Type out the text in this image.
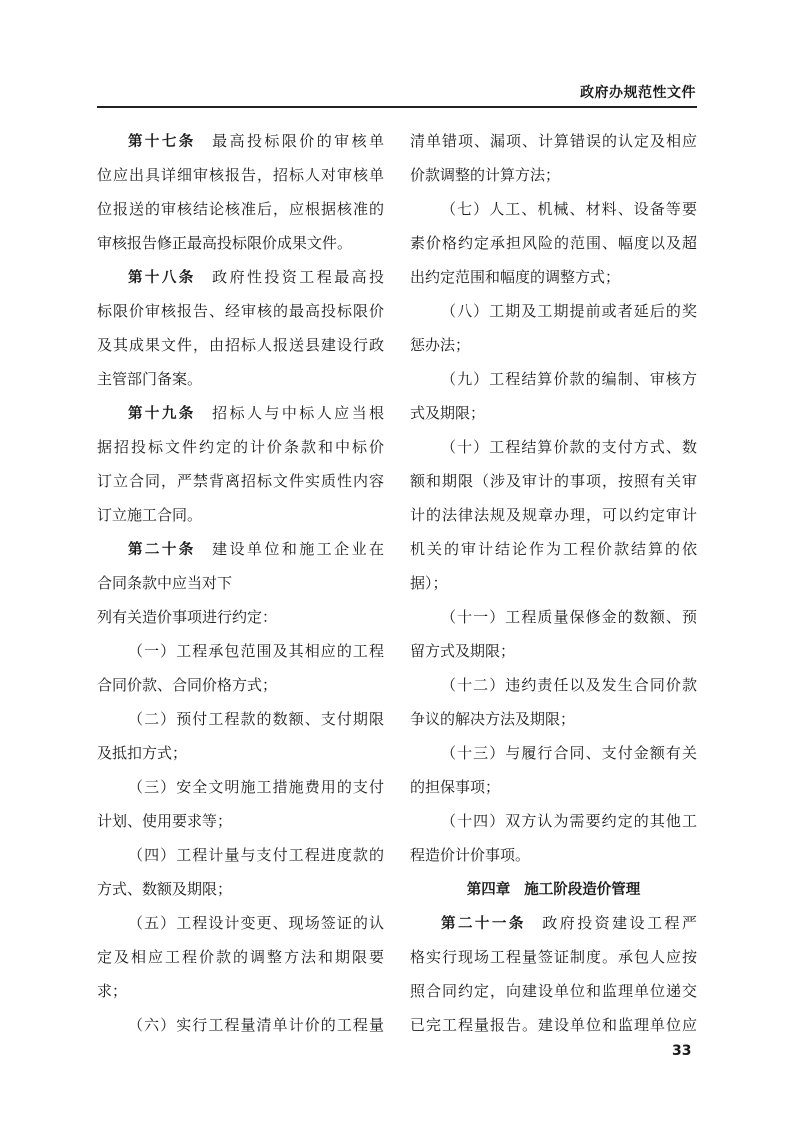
政府办规范性文件
第十七条 最高投标限价的审核单
位应出具详细审核报告，招标人对审核单
位报送的审核结论核准后，应根据核准的
审核报告修正最高投标限价成果文件。
第十八条 政府性投资工程最高投
标限价审核报告、经审核的最高投标限价
及其成果文件，由招标人报送县建设行政
主管部门备案。
第十九条 招标人与中标人应当根
据招投标文件约定的计价条款和中标价
订立合同，严禁背离招标文件实质性内容
订立施工合同。
第二十条 建设单位和施工企业在
合同条款中应当对下
列有关造价事项进行约定：
（一）工程承包范围及其相应的工程
合同价款、合同价格方式；
（二）预付工程款的数额、支付期限
及抵扣方式；
（三）安全文明施工措施费用的支付
计划、使用要求等；
（四）工程计量与支付工程进度款的
方式、数额及期限；
（五）工程设计变更、现场签证的认
定及相应工程价款的调整方法和期限要
求；
（六）实行工程量清单计价的工程量
清单错项、漏项、计算错误的认定及相应
价款调整的计算方法；
（七）人工、机械、材料、设备等要
素价格约定承担风险的范围、幅度以及超
出约定范围和幅度的调整方式；
（八）工期及工期提前或者延后的奖
惩办法；
（九）工程结算价款的编制、审核方
式及期限；
（十）工程结算价款的支付方式、数
额和期限（涉及审计的事项，按照有关审
计的法律法规及规章办理，可以约定审计
机关的审计结论作为工程价款结算的依
据）；
（十一）工程质量保修金的数额、预
留方式及期限；
（十二）违约责任以及发生合同价款
争议的解决方法及期限；
（十三）与履行合同、支付金额有关
的担保事项；
（十四）双方认为需要约定的其他工
程造价计价事项。
第四章 施工阶段造价管理
第二十一条 政府投资建设工程严
格实行现场工程量签证制度。承包人应按
照合同约定，向建设单位和监理单位递交
已完工程量报告。建设单位和监理单位应
33
